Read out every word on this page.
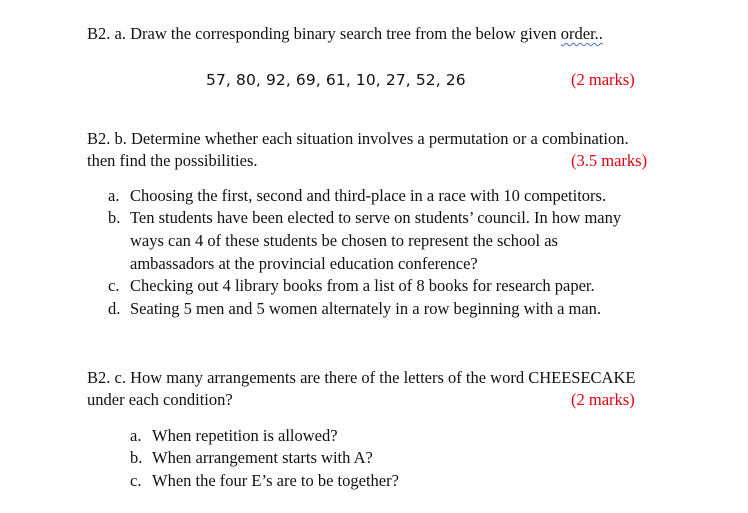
B2. a. Draw the corresponding binary search tree from the below given order..
57, 80, 92, 69, 61, 10, 27, 52, 26	(2 marks)
B2. b. Determine whether each situation involves a permutation or a combination.
then find the possibilities.	(3.5 marks)
a. Choosing the first, second and third-place in a race with 10 competitors.
b. Ten students have been elected to serve on students’ council. In how many
ways can 4 of these students be chosen to represent the school as
ambassadors at the provincial education conference?
c. Checking out 4 library books from a list of 8 books for research paper.
d. Seating 5 men and 5 women alternately in a row beginning with a man.
B2. c. How many arrangements are there of the letters of the word CHEESECAKE
under each condition?	(2 marks)
a. When repetition is allowed?
b. When arrangement starts with A?
c. When the four E’s are to be together?
